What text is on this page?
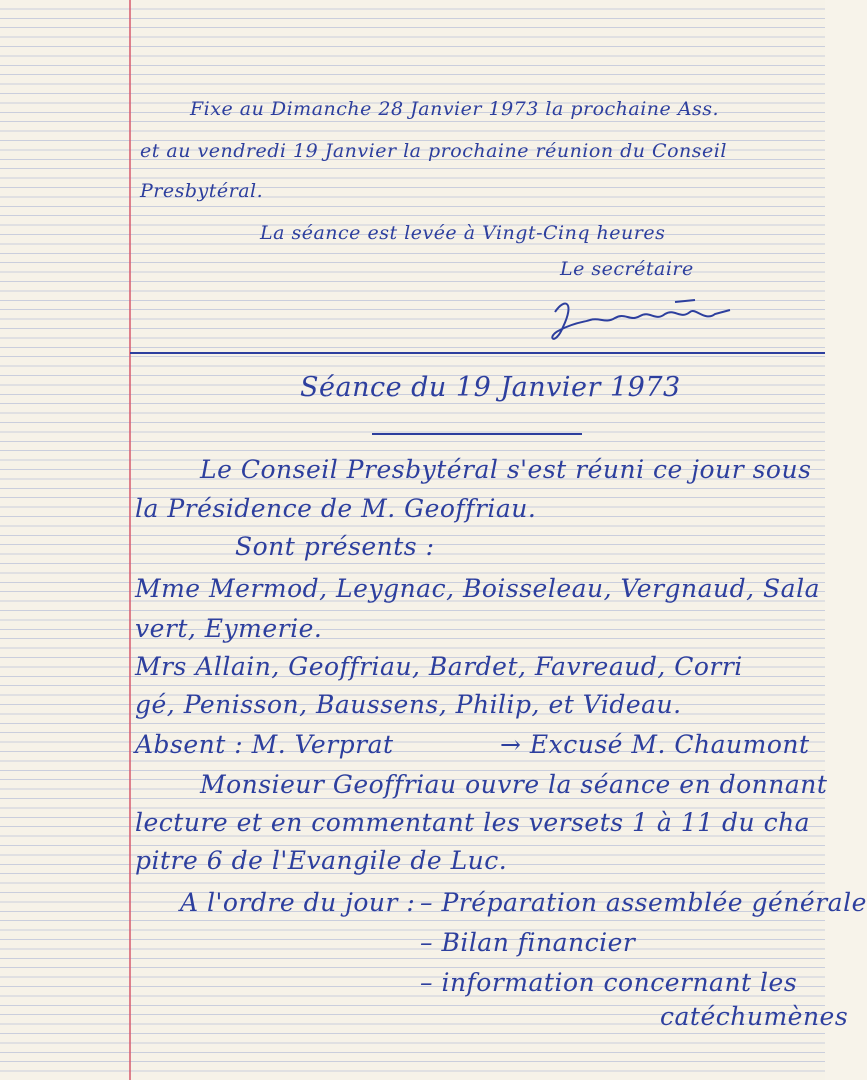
Fixe au Dimanche 28 Janvier 1973 la prochaine Ass.
et au vendredi 19 Janvier la prochaine réunion du Conseil
Presbytéral.
La séance est levée à Vingt-Cinq heures
Le secrétaire
Séance du 19 Janvier 1973
Le Conseil Presbytéral s'est réuni ce jour sous
la Présidence de M. Geoffriau.
Sont présents :
Mme Mermod, Leygnac, Boisseleau, Vergnaud, Sala
vert, Eymerie.
Mrs Allain, Geoffriau, Bardet, Favreaud, Corri
gé, Penisson, Baussens, Philip, et Videau.
Absent : M. Verprat	→ Excusé M. Chaumont
Monsieur Geoffriau ouvre la séance en donnant
lecture et en commentant les versets 1 à 11 du cha
pitre 6 de l'Evangile de Luc.
A l'ordre du jour : – Préparation assemblée générale
– Bilan financier
– information concernant les
catéchumènes
